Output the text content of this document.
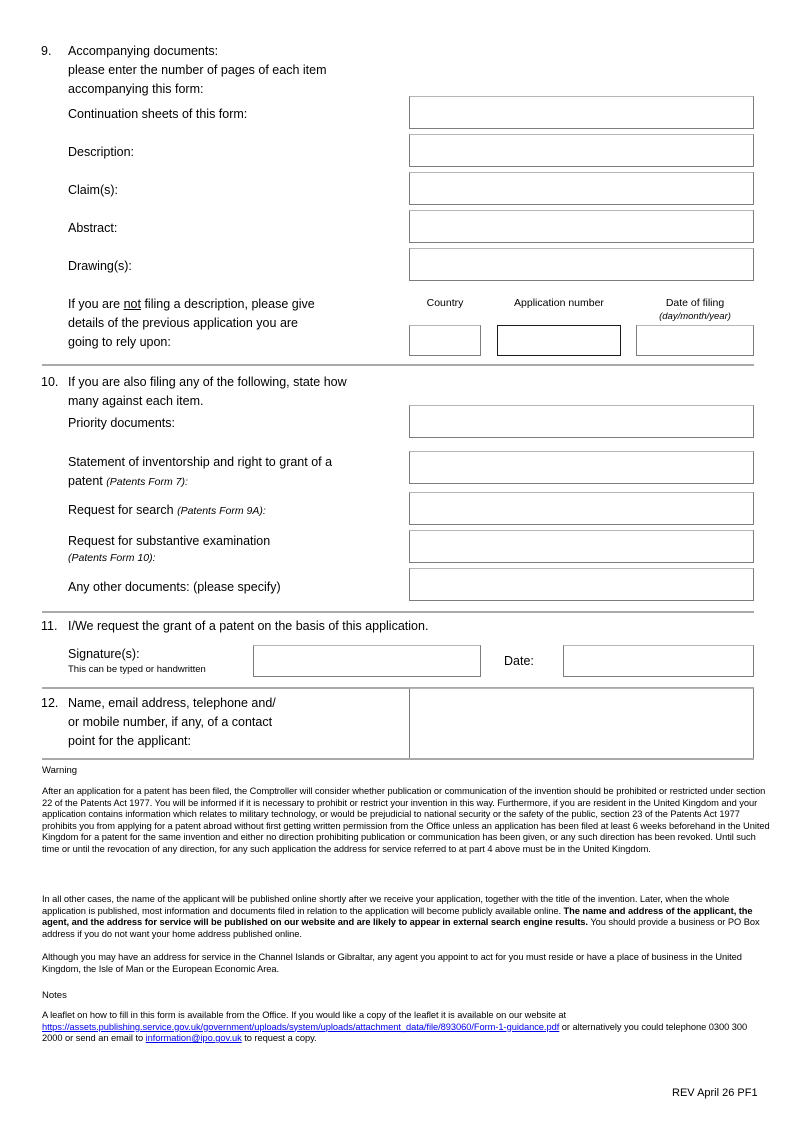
9. Accompanying documents:
please enter the number of pages of each item
accompanying this form:
Continuation sheets of this form:
Description:
Claim(s):
Abstract:
Drawing(s):
If you are not filing a description, please give
details of the previous application you are
going to rely upon:
Country	Application number	Date of filing
(day/month/year)
10. If you are also filing any of the following, state how
many against each item.
Priority documents:
Statement of inventorship and right to grant of a
patent (Patents Form 7):
Request for search (Patents Form 9A):
Request for substantive examination
(Patents Form 10):
Any other documents: (please specify)
11. I/We request the grant of a patent on the basis of this application.
Signature(s):
This can be typed or handwritten
Date:
12. Name, email address, telephone and/
or mobile number, if any, of a contact
point for the applicant:
Warning
After an application for a patent has been filed, the Comptroller will consider whether publication or communication of the invention should be prohibited or restricted under section 22 of the Patents Act 1977. You will be informed if it is necessary to prohibit or restrict your invention in this way. Furthermore, if you are resident in the United Kingdom and your application contains information which relates to military technology, or would be prejudicial to national security or the safety of the public, section 23 of the Patents Act 1977 prohibits you from applying for a patent abroad without first getting written permission from the Office unless an application has been filed at least 6 weeks beforehand in the United Kingdom for a patent for the same invention and either no direction prohibiting publication or communication has been given, or any such direction has been revoked. Until such time or until the revocation of any direction, for any such application the address for service referred to at part 4 above must be in the United Kingdom.
In all other cases, the name of the applicant will be published online shortly after we receive your application, together with the title of the invention. Later, when the whole application is published, most information and documents filed in relation to the application will become publicly available online. The name and address of the applicant, the agent, and the address for service will be published on our website and are likely to appear in external search engine results. You should provide a business or PO Box address if you do not want your home address published online.
Although you may have an address for service in the Channel Islands or Gibraltar, any agent you appoint to act for you must reside or have a place of business in the United Kingdom, the Isle of Man or the European Economic Area.
Notes
A leaflet on how to fill in this form is available from the Office. If you would like a copy of the leaflet it is available on our website at https://assets.publishing.service.gov.uk/government/uploads/system/uploads/attachment_data/file/893060/Form-1-guidance.pdf or alternatively you could telephone 0300 300 2000 or send an email to information@ipo.gov.uk to request a copy.
REV April 26 PF1
